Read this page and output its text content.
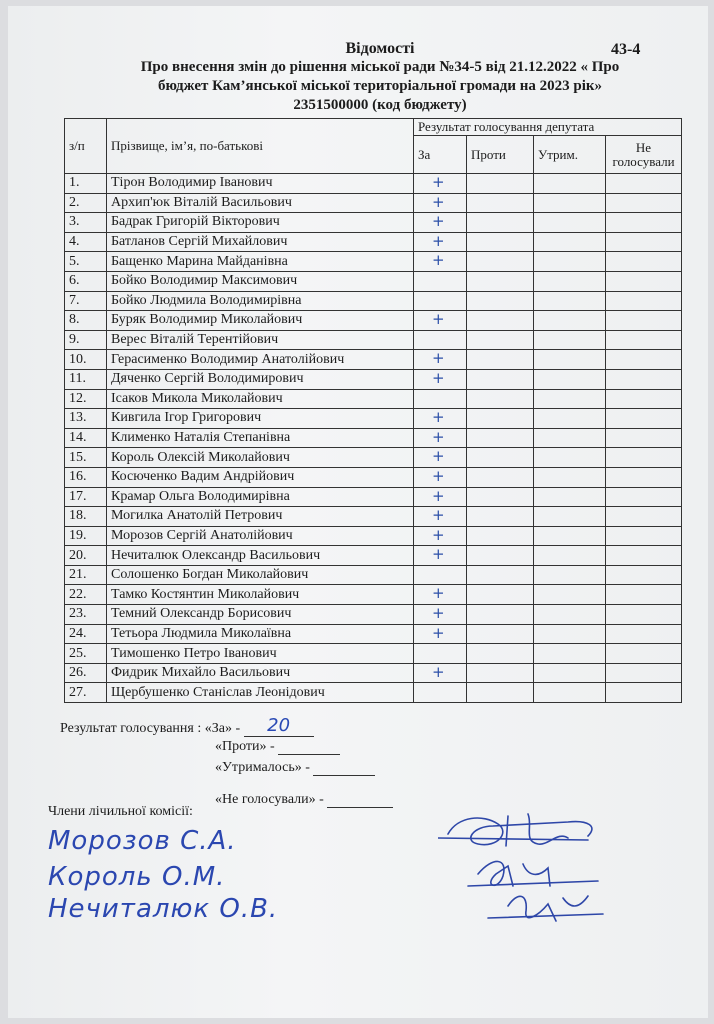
43-4
Відомості
Про внесення змін до рішення міської ради №34-5 від 21.12.2022 « Про
бюджет Кам’янської міської територіальної громади на 2023 рік»
2351500000 (код бюджету)
з/п	Прізвище, ім’я, по-батькові	Результат голосування депутата			
		За	Проти	Утрим.	Не голосували
1.	Тірон Володимир Іванович	+			

2.	Архип'юк Віталій Васильович	+			

3.	Бадрак Григорій Вікторович	+			

4.	Батланов Сергій Михайлович	+			

5.	Бащенко Марина Майданівна	+			

6.	Бойко Володимир Максимович	

7.	Бойко Людмила Володимирівна	

8.	Буряк Володимир Миколайович	+			

9.	Верес Віталій Терентійович	

10.	Герасименко Володимир Анатолійович	+			

11.	Дяченко Сергій Володимирович	+			

12.	Ісаков Микола Миколайович	

13.	Кивгила Ігор Григорович	+			

14.	Клименко Наталія Степанівна	+			

15.	Король Олексій Миколайович	+			

16.	Косюченко Вадим Андрійович	+			

17.	Крамар Ольга Володимирівна	+			

18.	Могилка Анатолій Петрович	+			

19.	Морозов Сергій Анатолійович	+			

20.	Нечиталюк Олександр Васильович	+			

21.	Солошенко Богдан Миколайович	

22.	Тамко Костянтин Миколайович	+			

23.	Темний Олександр Борисович	+			

24.	Тетьора Людмила Миколаївна	+			

25.	Тимошенко Петро Іванович	

26.	Фидрик Михайло Васильович	+			

27.	Щербушенко Станіслав Леонідович	

Результат голосування : «За» - 20
«Проти» -
«Утрималось» -
«Не голосували» -
Члени лічильної комісії:
Морозов С.А.
Король О.М.
Нечиталюк О.В.
